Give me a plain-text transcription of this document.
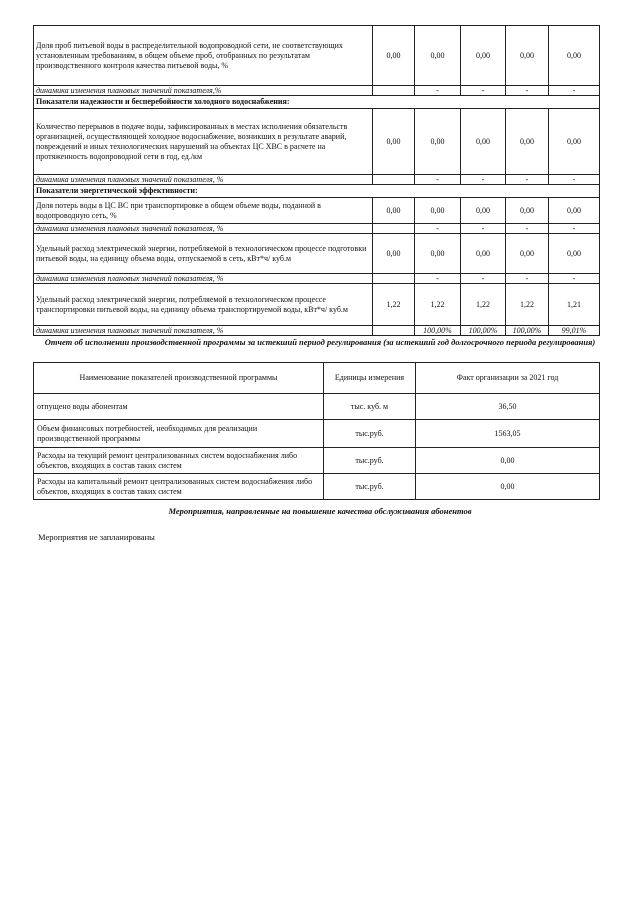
Доля проб питьевой воды в распределительной водопроводной сети, не соответствующих установленным требованиям, в общем объеме проб, отобранных по результатам производственного контроля качества питьевой воды, %	0,00	0,00	0,00	0,00	0,00
динамика изменения плановых значений показателя,%		-	-	-	-
Показатели надежности и бесперебойности холодного водоснабжения:					
Количество перерывов в подаче воды, зафиксированных в местах исполнения обязательств организацией, осуществляющей холодное водоснабжение, возникших в результате аварий, повреждений и иных технологических нарушений на объектах ЦС ХВС в расчете на протяженность водопроводной сети в год, ед./км	0,00	0,00	0,00	0,00	0,00
динамика изменения плановых значений показателя, %		-	-	-	-
Показатели энергетической эффективности:					
Доля потерь воды в ЦС ВС при транспортировке в общем объеме воды, поданной в водопроводную сеть, %	0,00	0,00	0,00	0,00	0,00
динамика изменения плановых значений показателя, %		-	-	-	-
Удельный расход электрической энергии, потребляемой в технологическом процессе подготовки питьевой воды, на единицу объема воды, отпускаемой в сеть, кВт*ч/ куб.м	0,00	0,00	0,00	0,00	0,00
динамика изменения плановых значений показателя, %		-	-	-	-
Удельный расход электрической энергии, потребляемой в технологическом процессе транспортировки питьевой воды, на единицу объема транспортируемой воды, кВт*ч/ куб.м	1,22	1,22	1,22	1,22	1,21
динамика изменения плановых значений показателя, %		100,00%	100,00%	100,00%	99,01%
Отчет об исполнении производственной программы за истекший период регулирования (за истекший год долгосрочного периода регулирования)
Наименование показателей производственной программы	Единицы измерения	Факт организации за 2021 год
отпущено воды абонентам	тыс. куб. м	36,50
Объем финансовых потребностей, необходимых для реализации производственной программы	тыс.руб.	1563,05
Расходы на текущий ремонт централизованных систем водоснабжения либо объектов, входящих в состав таких систем	тыс.руб.	0,00
Расходы на капитальный ремонт централизованных систем водоснабжения либо объектов, входящих в состав таких систем	тыс.руб.	0,00
Мероприятия, направленные на повышение качества обслуживания абонентов
Мероприятия не запланированы
